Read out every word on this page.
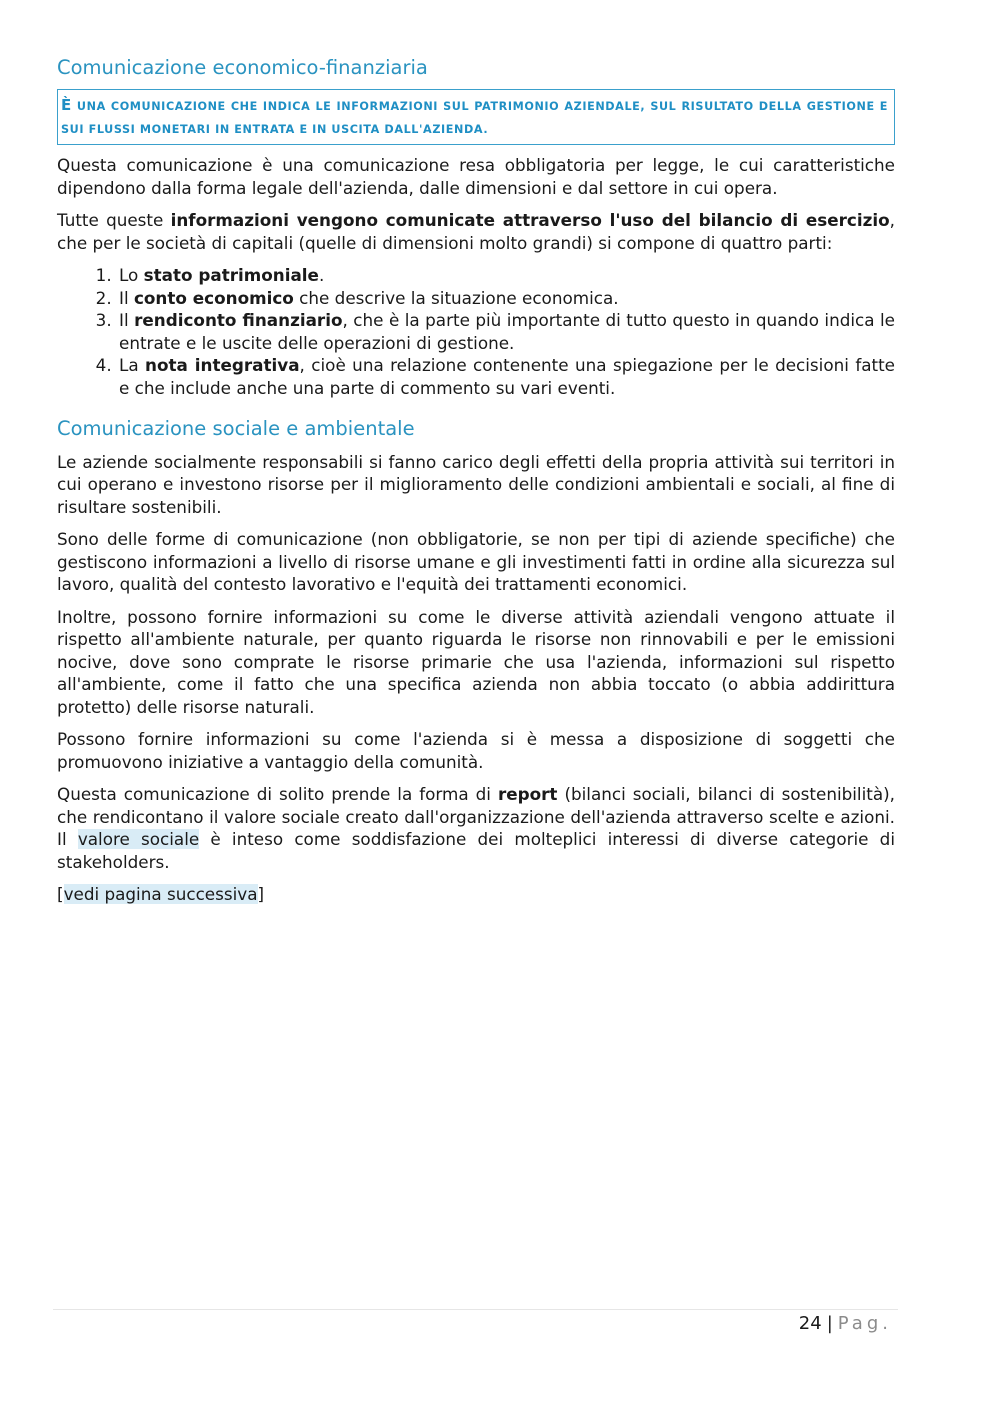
Comunicazione economico-finanziaria
È UNA COMUNICAZIONE CHE INDICA LE INFORMAZIONI SUL PATRIMONIO AZIENDALE, SUL RISULTATO DELLA GESTIONE E SUI FLUSSI MONETARI IN ENTRATA E IN USCITA DALL'AZIENDA.

Questa comunicazione è una comunicazione resa obbligatoria per legge, le cui caratteristiche dipendono dalla forma legale dell'azienda, dalle dimensioni e dal settore in cui opera.

Tutte queste informazioni vengono comunicate attraverso l'uso del bilancio di esercizio, che per le società di capitali (quelle di dimensioni molto grandi) si compone di quattro parti:

1. Lo stato patrimoniale.
2. Il conto economico che descrive la situazione economica.
3. Il rendiconto finanziario, che è la parte più importante di tutto questo in quando indica le entrate e le uscite delle operazioni di gestione.
4. La nota integrativa, cioè una relazione contenente una spiegazione per le decisioni fatte e che include anche una parte di commento su vari eventi.
Comunicazione sociale e ambientale

Le aziende socialmente responsabili si fanno carico degli effetti della propria attività sui territori in cui operano e investono risorse per il miglioramento delle condizioni ambientali e sociali, al fine di risultare sostenibili.

Sono delle forme di comunicazione (non obbligatorie, se non per tipi di aziende specifiche) che gestiscono informazioni a livello di risorse umane e gli investimenti fatti in ordine alla sicurezza sul lavoro, qualità del contesto lavorativo e l'equità dei trattamenti economici.

Inoltre, possono fornire informazioni su come le diverse attività aziendali vengono attuate il rispetto all'ambiente naturale, per quanto riguarda le risorse non rinnovabili e per le emissioni nocive, dove sono comprate le risorse primarie che usa l'azienda, informazioni sul rispetto all'ambiente, come il fatto che una specifica azienda non abbia toccato (o abbia addirittura protetto) delle risorse naturali.

Possono fornire informazioni su come l'azienda si è messa a disposizione di soggetti che promuovono iniziative a vantaggio della comunità.

Questa comunicazione di solito prende la forma di report (bilanci sociali, bilanci di sostenibilità), che rendicontano il valore sociale creato dall'organizzazione dell'azienda attraverso scelte e azioni. Il valore sociale è inteso come soddisfazione dei molteplici interessi di diverse categorie di stakeholders.

[vedi pagina successiva]

24 | Pag.
